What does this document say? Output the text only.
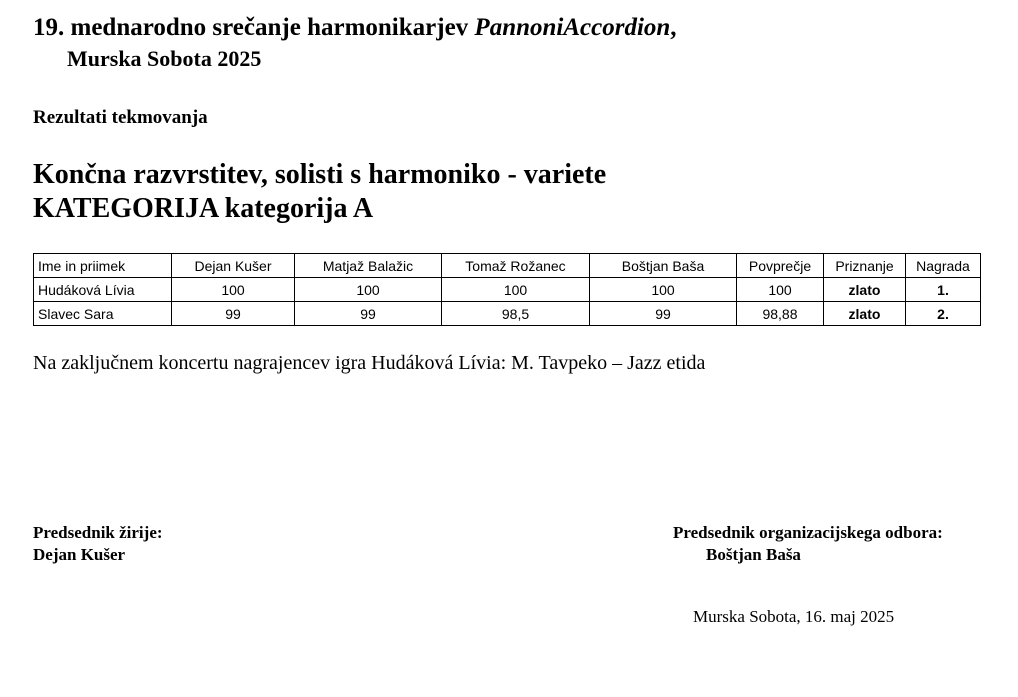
19. mednarodno srečanje harmonikarjev PannoniAccordion,
Murska Sobota 2025
Rezultati tekmovanja
Končna razvrstitev, solisti s harmoniko - variete
KATEGORIJA kategorija A
Ime in priimek	Dejan Kušer	Matjaž Balažic	Tomaž Rožanec	Boštjan Baša	Povprečje	Priznanje	Nagrada
Hudáková Lívia	100	100	100	100	100	zlato	1.
Slavec Sara	99	99	98,5	99	98,88	zlato	2.
Na zaključnem koncertu nagrajencev igra Hudáková Lívia: M. Tavpeko – Jazz etida
Predsednik žirije:
Dejan Kušer
Predsednik organizacijskega odbora:
Boštjan Baša
Murska Sobota, 16. maj 2025
